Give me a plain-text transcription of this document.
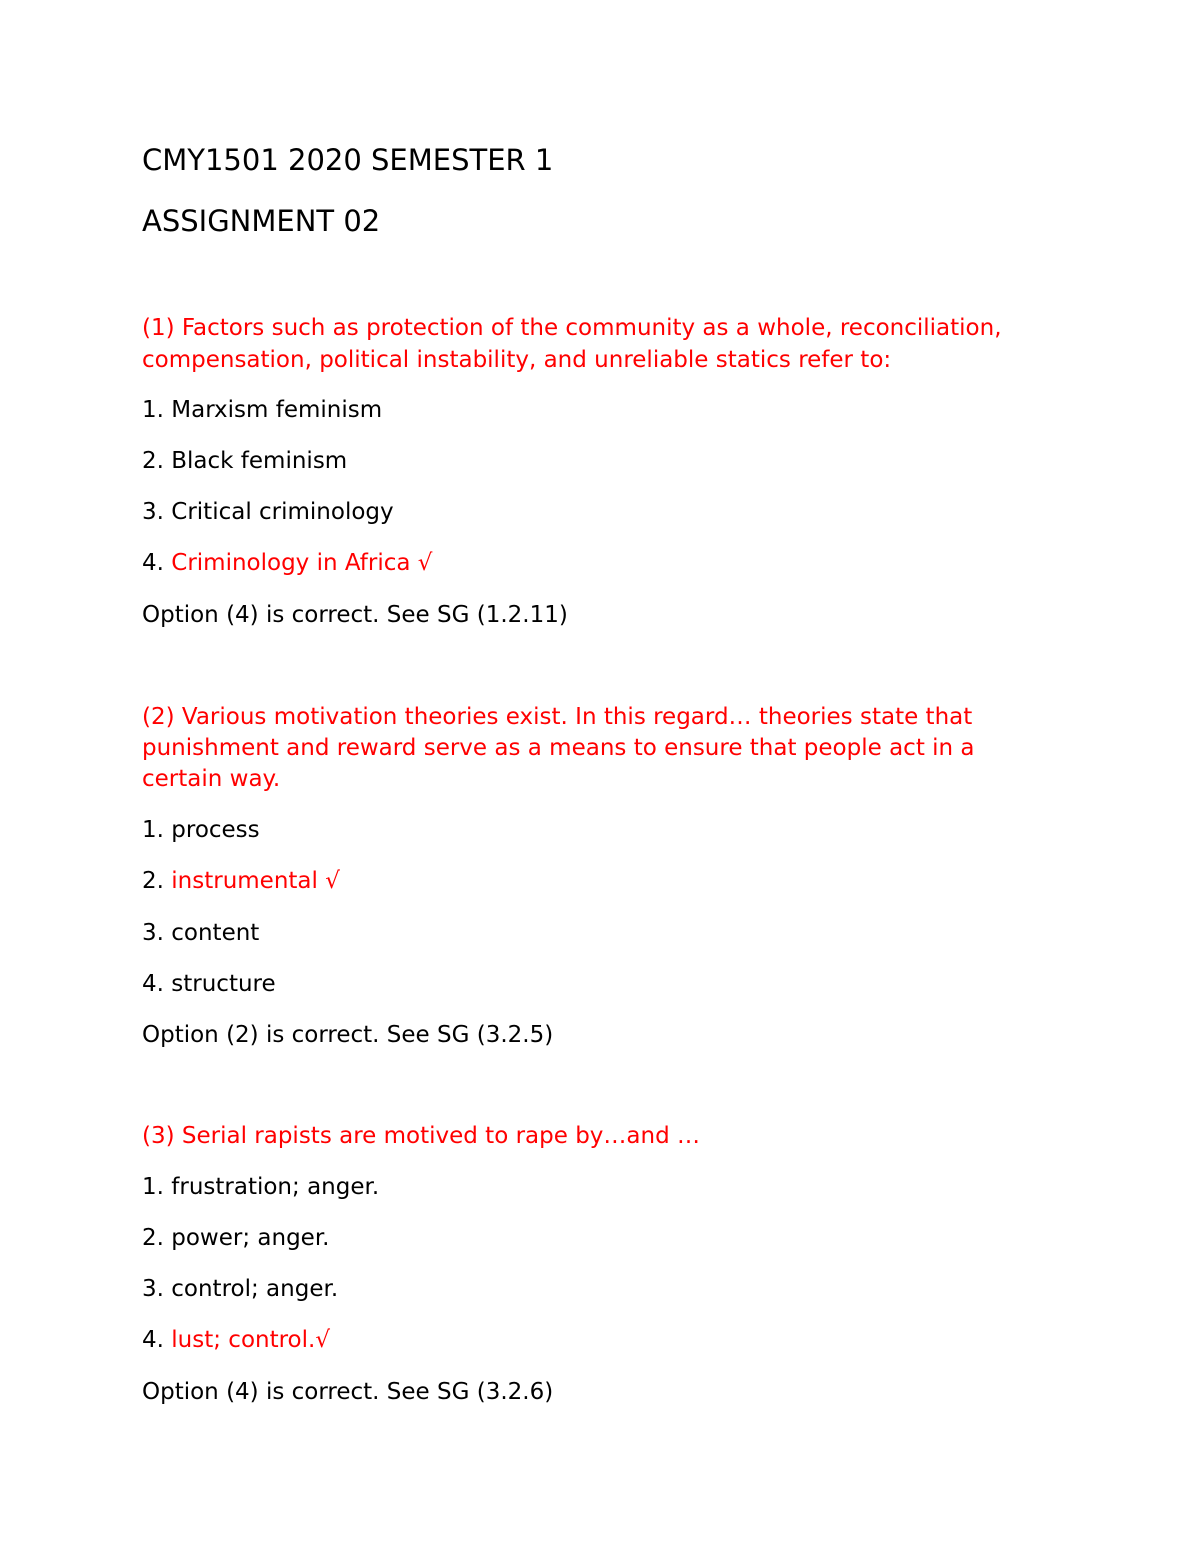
CMY1501 2020 SEMESTER 1
ASSIGNMENT 02
(1) Factors such as protection of the community as a whole, reconciliation,
compensation, political instability, and unreliable statics refer to:
1. Marxism feminism
2. Black feminism
3. Critical criminology
4. Criminology in Africa √
Option (4) is correct. See SG (1.2.11)
(2) Various motivation theories exist. In this regard… theories state that
punishment and reward serve as a means to ensure that people act in a
certain way.
1. process
2. instrumental √
3. content
4. structure
Option (2) is correct. See SG (3.2.5)
(3) Serial rapists are motived to rape by…and …
1. frustration; anger.
2. power; anger.
3. control; anger.
4. lust; control.√
Option (4) is correct. See SG (3.2.6)
